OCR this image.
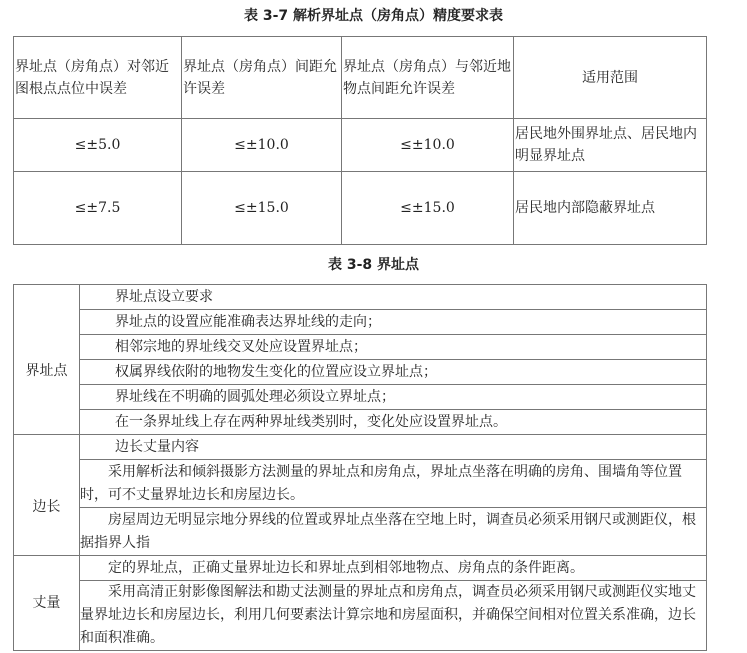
表 3-7 解析界址点（房角点）精度要求表
界址点（房角点）对邻近图根点点位中误差	界址点（房角点）间距允许误差	界址点（房角点）与邻近地物点间距允许误差	适用范围
≤±5.0	≤±10.0	≤±10.0	居民地外围界址点、居民地内明显界址点
≤±7.5	≤±15.0	≤±15.0	居民地内部隐蔽界址点
表 3-8 界址点
	界址点设立要求
界址点	界址点的设置应能准确表达界址线的走向；
	相邻宗地的界址线交叉处应设置界址点；
	权属界线依附的地物发生变化的位置应设立界址点；
	界址线在不明确的圆弧处理必须设立界址点；
	在一条界址线上存在两种界址线类别时，变化处应设置界址点。
	边长丈量内容
边长	采用解析法和倾斜摄影方法测量的界址点和房角点，界址点坐落在明确的房角、围墙角等位置时，可不丈量界址边长和房屋边长。
	房屋周边无明显宗地分界线的位置或界址点坐落在空地上时，调查员必须采用钢尺或测距仪，根据指界人指
丈量	定的界址点，正确丈量界址边长和界址点到相邻地物点、房角点的条件距离。
	采用高清正射影像图解法和勘丈法测量的界址点和房角点，调查员必须采用钢尺或测距仪实地丈量界址边长和房屋边长，利用几何要素法计算宗地和房屋面积，并确保空间相对位置关系准确，边长和面积准确。
